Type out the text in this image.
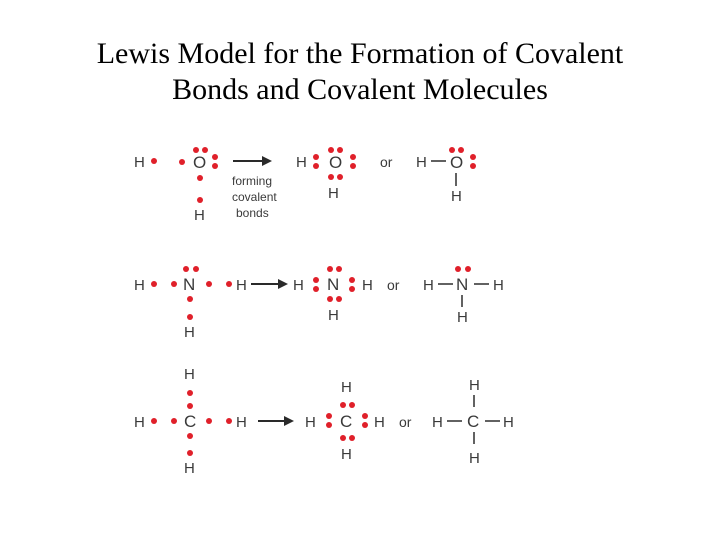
Lewis Model for the Formation of Covalent
Bonds and Covalent Molecules
H	O
H
forming
covalent
bonds
H O
H
or H O
H
H N	H
H
H N H
H
or H N H
H
H
H C	H
H
H
H C H
H
or
H
H C H
H
